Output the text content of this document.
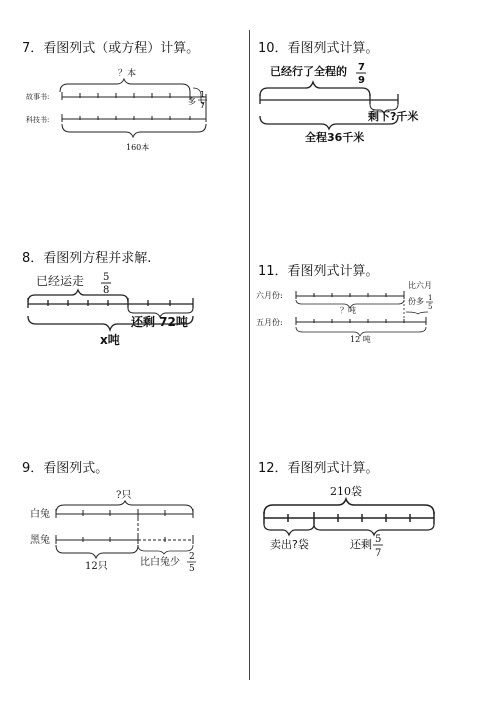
7．看图列式（或方程）计算。
？本
故事书:	多
1
7
科技书:
160本
10．看图列式计算。
已经行了全程的 7
9
剩下?千米
全程36千米
8．看图列方程并求解.
已经运走 5
8
还剩 72吨
x吨
11．看图列式计算。
比六月
六月份:
？吨
份多 1
5
五月份:
12 吨
9．看图列式。
?只
白兔
黑兔
12只	比白兔少 2
5
12．看图列式计算。
210袋
卖出?袋	还剩 5
7
